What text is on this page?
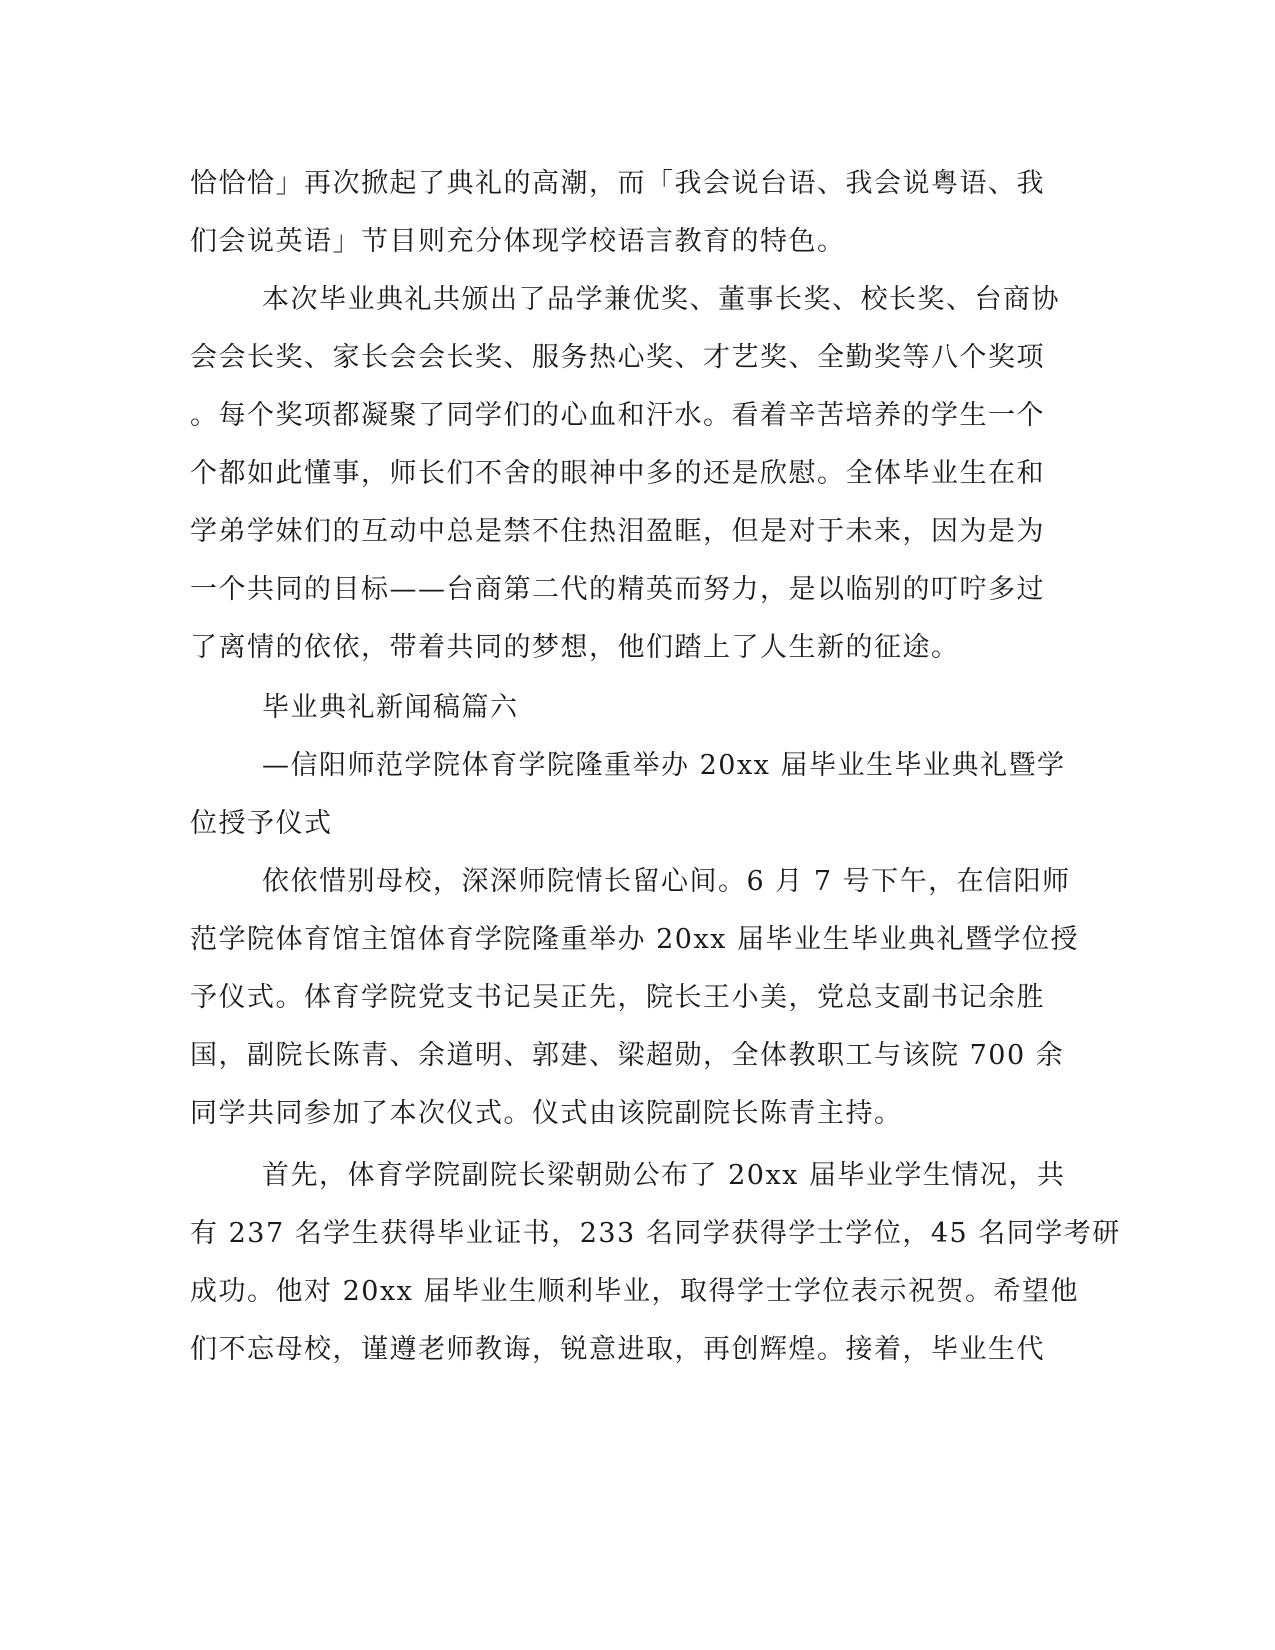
恰恰恰」再次掀起了典礼的高潮，而「我会说台语、我会说粤语、我
们会说英语」节目则充分体现学校语言教育的特色。
本次毕业典礼共颁出了品学兼优奖、董事长奖、校长奖、台商协
会会长奖、家长会会长奖、服务热心奖、才艺奖、全勤奖等八个奖项
。每个奖项都凝聚了同学们的心血和汗水。看着辛苦培养的学生一个
个都如此懂事，师长们不舍的眼神中多的还是欣慰。全体毕业生在和
学弟学妹们的互动中总是禁不住热泪盈眶，但是对于未来，因为是为
一个共同的目标——台商第二代的精英而努力，是以临别的叮咛多过
了离情的依依，带着共同的梦想，他们踏上了人生新的征途。
毕业典礼新闻稿篇六
—信阳师范学院体育学院隆重举办 20xx 届毕业生毕业典礼暨学
位授予仪式
依依惜别母校，深深师院情长留心间。6 月 7 号下午，在信阳师
范学院体育馆主馆体育学院隆重举办 20xx 届毕业生毕业典礼暨学位授
予仪式。体育学院党支书记吴正先，院长王小美，党总支副书记余胜
国，副院长陈青、余道明、郭建、梁超勋，全体教职工与该院 700 余
同学共同参加了本次仪式。仪式由该院副院长陈青主持。
首先，体育学院副院长梁朝勋公布了 20xx 届毕业学生情况，共
有 237 名学生获得毕业证书，233 名同学获得学士学位，45 名同学考研
成功。他对 20xx 届毕业生顺利毕业，取得学士学位表示祝贺。希望他
们不忘母校，谨遵老师教诲，锐意进取，再创辉煌。接着，毕业生代
